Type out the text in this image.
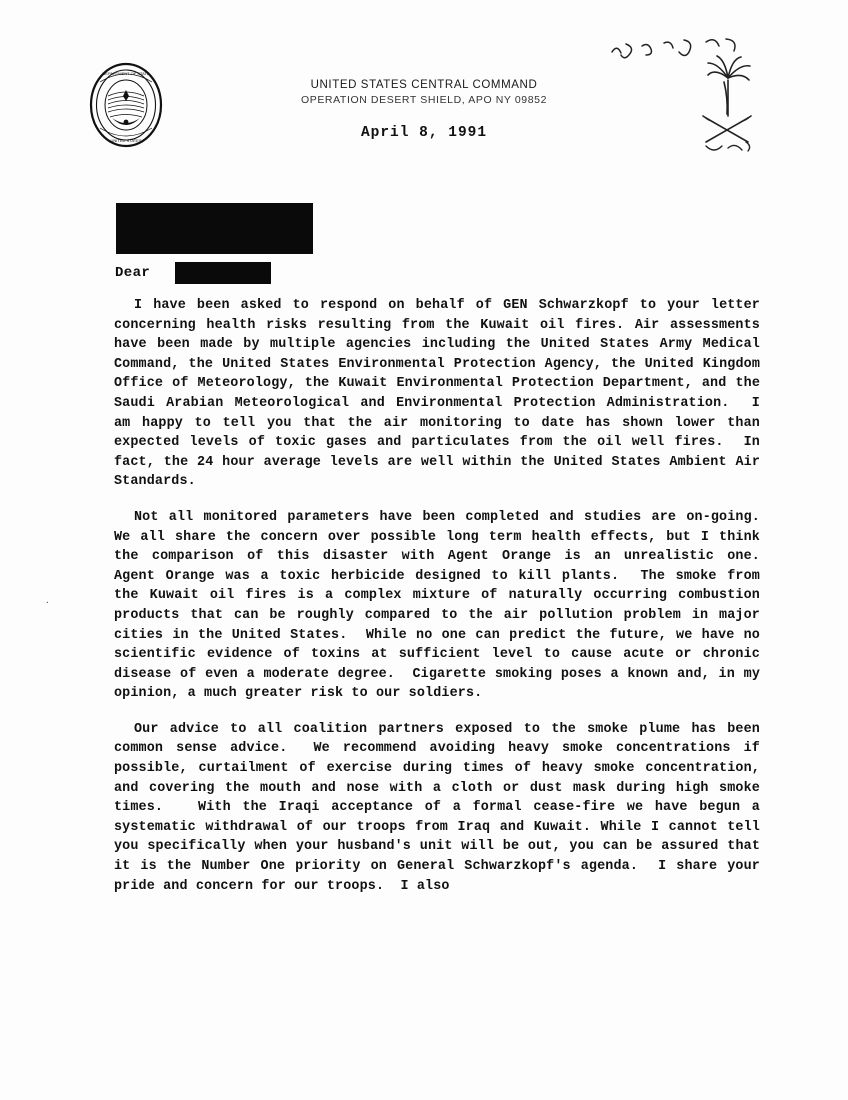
DEPARTMENT OF STATE
UNITED STATES
UNITED STATES CENTRAL COMMAND
OPERATION DESERT SHIELD, APO NY 09852
April 8, 1991
Dear
.

I have been asked to respond on behalf of GEN Schwarzkopf to your letter concerning health risks resulting from the Kuwait oil fires. Air assessments have been made by multiple agencies including the United States Army Medical Command, the United States Environmental Protection Agency, the United Kingdom Office of Meteorology, the Kuwait Environmental Protection Department, and the Saudi Arabian Meteorological and Environmental Protection Administration.  I am happy to tell you that the air monitoring to date has shown lower than expected levels of toxic gases and particulates from the oil well fires.  In fact, the 24 hour average levels are well within the United States Ambient Air Standards.

Not all monitored parameters have been completed and studies are on-going.  We all share the concern over possible long term health effects, but I think the comparison of this disaster with Agent Orange is an unrealistic one.  Agent Orange was a toxic herbicide designed to kill plants.  The smoke from the Kuwait oil fires is a complex mixture of naturally occurring combustion products that can be roughly compared to the air pollution problem in major cities in the United States.  While no one can predict the future, we have no scientific evidence of toxins at sufficient level to cause acute or chronic disease of even a moderate degree.  Cigarette smoking poses a known and, in my opinion, a much greater risk to our soldiers.

Our advice to all coalition partners exposed to the smoke plume has been common sense advice.  We recommend avoiding heavy smoke concentrations if possible, curtailment of exercise during times of heavy smoke concentration, and covering the mouth and nose with a cloth or dust mask during high smoke times.   With the Iraqi acceptance of a formal cease-fire we have begun a systematic withdrawal of our troops from Iraq and Kuwait. While I cannot tell you specifically when your husband's unit will be out, you can be assured that it is the Number One priority on General Schwarzkopf's agenda.  I share your pride and concern for our troops.  I also
